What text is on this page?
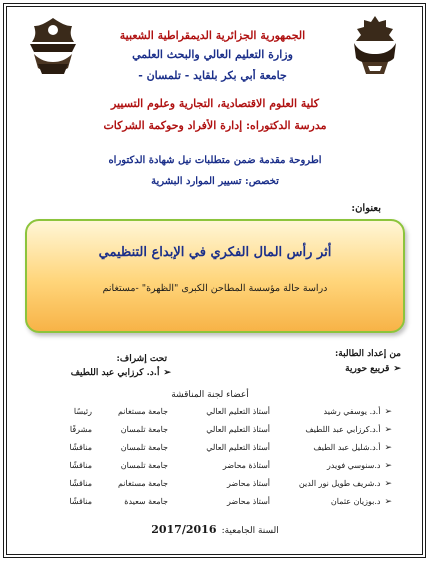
الجمهورية الجزائرية الديمقراطية الشعبية
وزارة التعليم العالي والبحث العلمي
جامعة أبي بكر بلقايد - تلمسان -
كلية العلوم الاقتصادية، التجارية وعلوم التسيير
مدرسة الدكتوراه: إدارة الأفراد وحوكمة الشركات
أطروحة مقدمة ضمن متطلبات نيل شهادة الدكتوراه
تخصص: تسيير الموارد البشرية
بعنوان:
أثر رأس المال الفكري في الإبداع التنظيمي
دراسة حالة مؤسسة المطاحن الكبرى "الظهرة" -مستغانم
من إعداد الطالبة:
➢قريبع حورية
تحت إشراف:
➢أ.د. كرزابي عبد اللطيف
أعضاء لجنة المناقشة
➢أ.د. يوسفي رشيد
أستاذ التعليم العالي
جامعة مستغانم
رئيسًا
➢أ.د.كرزابي عبد اللطيف
أستاذ التعليم العالي
جامعة تلمسان
مشرفًا
➢أ.د.شليل عبد الطيف
أستاذ التعليم العالي
جامعة تلمسان
مناقشًا
➢د.سنوسي فويدر
أستاذة محاضر
جامعة تلمسان
مناقشًا
➢د.شريف طويل نور الدين
أستاذ محاضر
جامعة مستغانم
مناقشًا
➢د.بوزيان عثمان
أستاذ محاضر
جامعة سعيدة
مناقشًا
السنة الجامعية: 2017/2016
